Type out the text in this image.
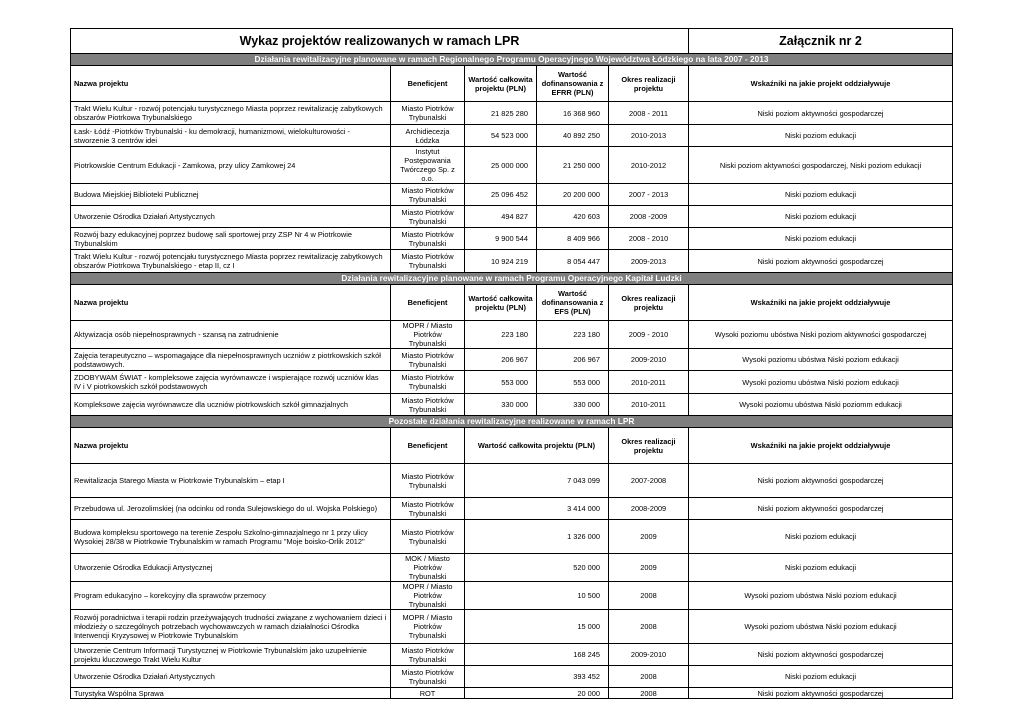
Wykaz projektów realizowanych w ramach LPR					Załącznik nr 2
Działania rewitalizacyjne planowane w ramach Regionalnego Programu Operacyjnego Województwa Łódzkiego na lata 2007 - 2013					
Nazwa projektu	Beneficjent	Wartość całkowita projektu (PLN)	Wartość dofinansowania z EFRR (PLN)	Okres realizacji projektu	Wskaźniki na jakie projekt oddziaływuje
Trakt Wielu Kultur - rozwój potencjału turystycznego Miasta poprzez rewitalizację zabytkowych obszarów Piotrkowa Trybunalskiego	Miasto Piotrków Trybunalski	21 825 280	16 368 960	2008 - 2011	Niski poziom aktywności gospodarczej
Łask- Łódź -Piotrków Trybunalski - ku demokracji, humanizmowi, wielokulturowości - stworzenie 3 centrów idei	Archidiecezja Łódzka	54 523 000	40 892 250	2010-2013	Niski poziom edukacji
Piotrkowskie Centrum Edukacji - Zamkowa, przy ulicy Zamkowej 24	Instytut Postępowania Twórczego Sp. z o.o.	25 000 000	21 250 000	2010-2012	Niski poziom aktywności gospodarczej, Niski poziom edukacji
Budowa Miejskiej Biblioteki Publicznej	Miasto Piotrków Trybunalski	25 096 452	20 200 000	2007 - 2013	Niski poziom edukacji
Utworzenie Ośrodka Działań Artystycznych	Miasto Piotrków Trybunalski	494 827	420 603	2008 -2009	Niski poziom edukacji
Rozwój bazy edukacyjnej poprzez budowę sali sportowej przy ZSP Nr 4 w Piotrkowie Trybunalskim	Miasto Piotrków Trybunalski	9 900 544	8 409 966	2008 - 2010	Niski poziom edukacji
Trakt Wielu Kultur - rozwój potencjału turystycznego Miasta poprzez rewitalizację zabytkowych obszarów Piotrkowa Trybunalskiego - etap II, cz I	Miasto Piotrków Trybunalski	10 924 219	8 054 447	2009-2013	Niski poziom aktywności gospodarczej
Działania rewitalizacyjne planowane w ramach Programu Operacyjnego Kapitał Ludzki					
Nazwa projektu	Beneficjent	Wartość całkowita projektu (PLN)	Wartość dofinansowania z EFS (PLN)	Okres realizacji projektu	Wskaźniki na jakie projekt oddziaływuje
Aktywizacja osób niepełnosprawnych - szansą na zatrudnienie	MOPR / Miasto Piotrków Trybunalski	223 180	223 180	2009 - 2010	Wysoki poziomu ubóstwa Niski poziom aktywności gospodarczej
Zajęcia terapeutyczno – wspomagające dla niepełnosprawnych uczniów z piotrkowskich szkół podstawowych.	Miasto Piotrków Trybunalski	206 967	206 967	2009-2010	Wysoki poziomu ubóstwa Niski poziom edukacji
ZDOBYWAM ŚWIAT - kompleksowe zajęcia wyrównawcze i wspierające rozwój uczniów klas IV i V piotrkowskich szkół podstawowych	Miasto Piotrków Trybunalski	553 000	553 000	2010-2011	Wysoki poziomu ubóstwa Niski poziom edukacji
Kompleksowe zajęcia wyrównawcze dla uczniów piotrkowskich szkół gimnazjalnych	Miasto Piotrków Trybunalski	330 000	330 000	2010-2011	Wysoki poziomu ubóstwa Niski poziomm edukacji
Pozostałe działania rewitalizacyjne realizowane w ramach LPR					
Nazwa projektu	Beneficjent	Wartość całkowita projektu (PLN)		Okres realizacji projektu	Wskaźniki na jakie projekt oddziaływuje
Rewitalizacja Starego Miasta w Piotrkowie Trybunalskim – etap I	Miasto Piotrków Trybunalski	7 043 099		2007-2008	Niski poziom aktywności gospodarczej
Przebudowa ul. Jerozolimskiej (na odcinku od ronda Sulejowskiego do ul. Wojska Polskiego)	Miasto Piotrków Trybunalski	3 414 000		2008-2009	Niski poziom aktywności gospodarczej
Budowa kompleksu sportowego na terenie Zespołu Szkolno-gimnazjalnego nr 1 przy ulicy Wysokiej 28/38 w Piotrkowie Trybunalskim w ramach Programu "Moje boisko-Orlik 2012"	Miasto Piotrków Trybunalski	1 326 000		2009	Niski poziom edukacji
Utworzenie Ośrodka Edukacji Artystycznej	MOK / Miasto Piotrków Trybunalski	520 000		2009	Niski poziom edukacji
Program edukacyjno – korekcyjny dla sprawców przemocy	MOPR / Miasto Piotrków Trybunalski	10 500		2008	Wysoki poziom ubóstwa Niski poziom edukacji
Rozwój poradnictwa i terapii rodzin przeżywających trudności związane z wychowaniem dzieci i młodzieży o szczególnych potrzebach wychowawczych w ramach działalności Ośrodka Interwencji Kryzysowej w Piotrkowie Trybunalskim	MOPR / Miasto Piotrków Trybunalski	15 000		2008	Wysoki poziom ubóstwa Niski poziom edukacji
Utworzenie Centrum Informacji Turystycznej w Piotrkowie Trybunalskim jako uzupełnienie projektu kluczowego Trakt Wielu Kultur	Miasto Piotrków Trybunalski	168 245		2009-2010	Niski poziom aktywności gospodarczej
Utworzenie Ośrodka Działań Artystycznych	Miasto Piotrków Trybunalski	393 452		2008	Niski poziom edukacji
Turystyka Wspólna Sprawa	ROT	20 000		2008	Niski poziom aktywności gospodarczej
